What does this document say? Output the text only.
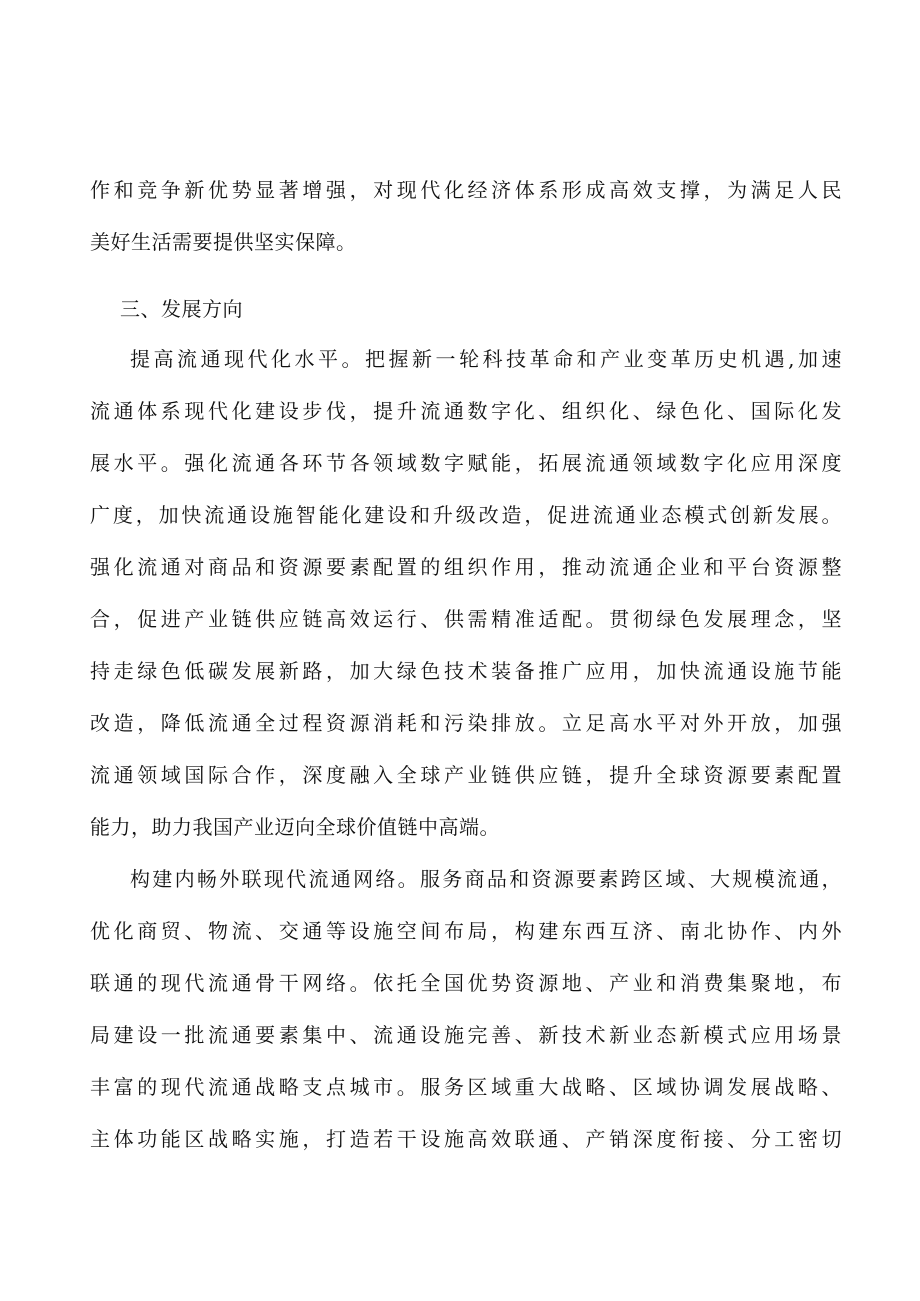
作和竞争新优势显著增强，对现代化经济体系形成高效支撑，为满足人民
美好生活需要提供坚实保障。
三、发展方向
提高流通现代化水平。把握新一轮科技革命和产业变革历史机遇,加速
流通体系现代化建设步伐，提升流通数字化、组织化、绿色化、国际化发
展水平。强化流通各环节各领域数字赋能，拓展流通领域数字化应用深度
广度，加快流通设施智能化建设和升级改造，促进流通业态模式创新发展。
强化流通对商品和资源要素配置的组织作用，推动流通企业和平台资源整
合，促进产业链供应链高效运行、供需精准适配。贯彻绿色发展理念，坚
持走绿色低碳发展新路，加大绿色技术装备推广应用，加快流通设施节能
改造，降低流通全过程资源消耗和污染排放。立足高水平对外开放，加强
流通领域国际合作，深度融入全球产业链供应链，提升全球资源要素配置
能力，助力我国产业迈向全球价值链中高端。
构建内畅外联现代流通网络。服务商品和资源要素跨区域、大规模流通，
优化商贸、物流、交通等设施空间布局，构建东西互济、南北协作、内外
联通的现代流通骨干网络。依托全国优势资源地、产业和消费集聚地，布
局建设一批流通要素集中、流通设施完善、新技术新业态新模式应用场景
丰富的现代流通战略支点城市。服务区域重大战略、区域协调发展战略、
主体功能区战略实施，打造若干设施高效联通、产销深度衔接、分工密切
